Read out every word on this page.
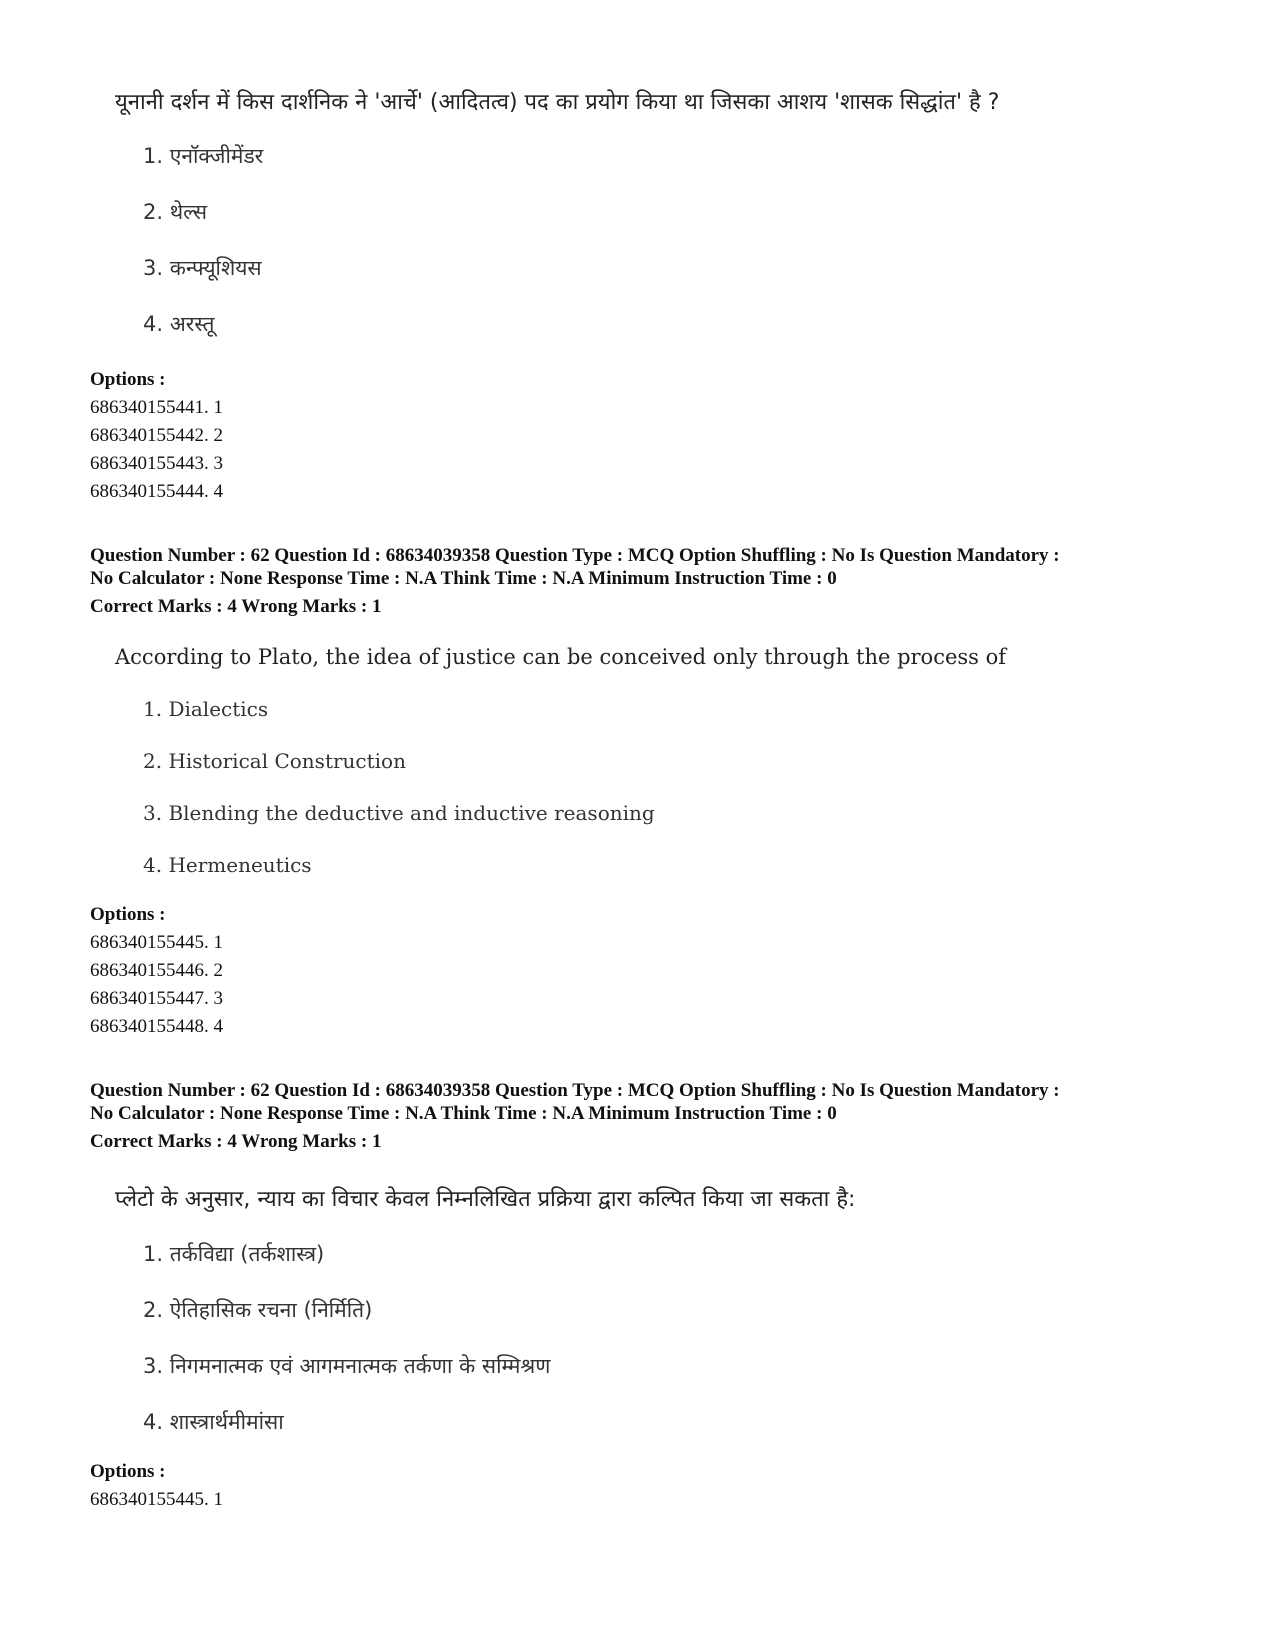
यूनानी दर्शन में किस दार्शनिक ने 'आर्चे' (आदितत्व) पद का प्रयोग किया था जिसका आशय 'शासक सिद्धांत' है ?
1. एनॉक्जीमेंडर
2. थेल्स
3. कन्फ्यूशियस
4. अरस्तू
Options :
686340155441. 1
686340155442. 2
686340155443. 3
686340155444. 4
Question Number : 62 Question Id : 68634039358 Question Type : MCQ Option Shuffling : No Is Question Mandatory :
No Calculator : None Response Time : N.A Think Time : N.A Minimum Instruction Time : 0
Correct Marks : 4 Wrong Marks : 1
According to Plato, the idea of justice can be conceived only through the process of
1. Dialectics
2. Historical Construction
3. Blending the deductive and inductive reasoning
4. Hermeneutics
Options :
686340155445. 1
686340155446. 2
686340155447. 3
686340155448. 4
Question Number : 62 Question Id : 68634039358 Question Type : MCQ Option Shuffling : No Is Question Mandatory :
No Calculator : None Response Time : N.A Think Time : N.A Minimum Instruction Time : 0
Correct Marks : 4 Wrong Marks : 1
प्लेटो के अनुसार, न्याय का विचार केवल निम्नलिखित प्रक्रिया द्वारा कल्पित किया जा सकता है:
1. तर्कविद्या (तर्कशास्त्र)
2. ऐतिहासिक रचना (निर्मिति)
3. निगमनात्मक एवं आगमनात्मक तर्कणा के सम्मिश्रण
4. शास्त्रार्थमीमांसा
Options :
686340155445. 1
